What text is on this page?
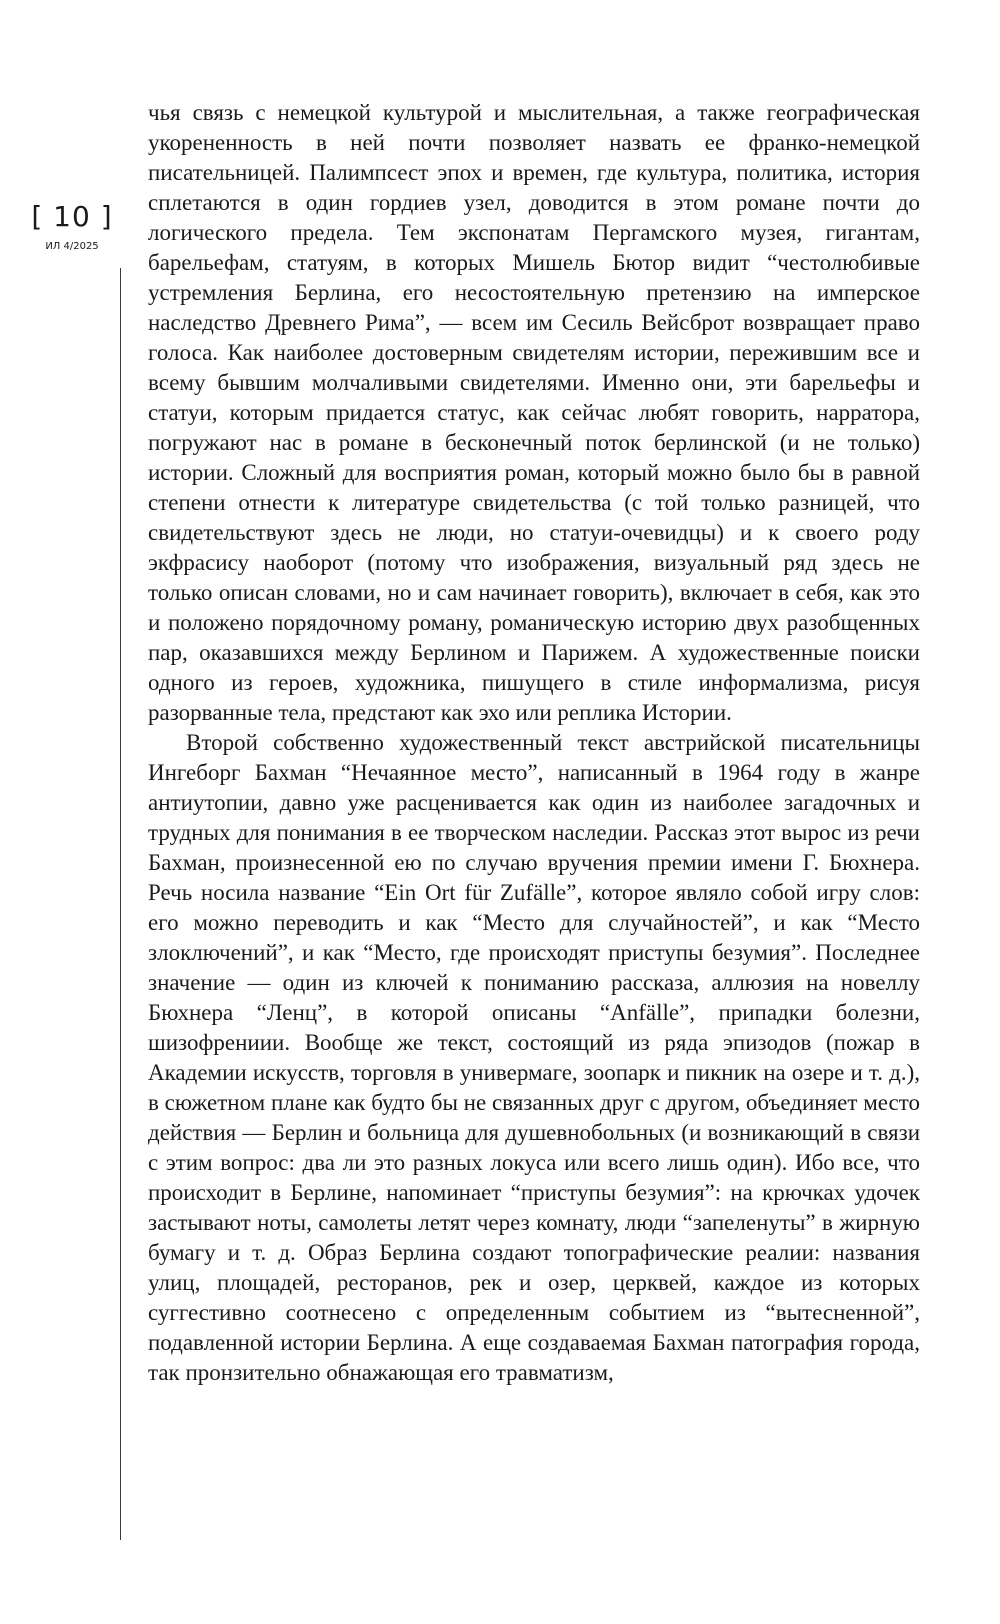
[ 10 ]
ИЛ 4/2025

чья связь с немецкой культурой и мыслительная, а также географическая укорененность в ней почти позволяет назвать ее франко-немецкой писательницей. Палимпсест эпох и времен, где культура, политика, история сплетаются в один гордиев узел, доводится в этом романе почти до логического предела. Тем экспонатам Пергамского музея, гигантам, барельефам, статуям, в которых Мишель Бютор видит “честолюбивые устремления Берлина, его несостоятельную претензию на имперское наследство Древнего Рима”, — всем им Сесиль Вейсброт возвращает право голоса. Как наиболее достоверным свидетелям истории, пережившим все и всему бывшим молчаливыми свидетелями. Именно они, эти барельефы и статуи, которым придается статус, как сейчас любят говорить, нарратора, погружают нас в романе в бесконечный поток берлинской (и не только) истории. Сложный для восприятия роман, который можно было бы в равной степени отнести к литературе свидетельства (с той только разницей, что свидетельствуют здесь не люди, но статуи-очевидцы) и к своего роду экфрасису наоборот (потому что изображения, визуальный ряд здесь не только описан словами, но и сам начинает говорить), включает в себя, как это и положено порядочному роману, романическую историю двух разобщенных пар, оказавшихся между Берлином и Парижем. А художественные поиски одного из героев, художника, пишущего в стиле информализма, рисуя разорванные тела, предстают как эхо или реплика Истории.

Второй собственно художественный текст австрийской писательницы Ингеборг Бахман “Нечаянное место”, написанный в 1964 году в жанре антиутопии, давно уже расценивается как один из наиболее загадочных и трудных для понимания в ее творческом наследии. Рассказ этот вырос из речи Бахман, произнесенной ею по случаю вручения премии имени Г. Бюхнера. Речь носила название “Ein Ort für Zufälle”, которое являло собой игру слов: его можно переводить и как “Место для случайностей”, и как “Место злоключений”, и как “Место, где происходят приступы безумия”. Последнее значение — один из ключей к пониманию рассказа, аллюзия на новеллу Бюхнера “Ленц”, в которой описаны “Anfälle”, припадки болезни, шизофрениии. Вообще же текст, состоящий из ряда эпизодов (пожар в Академии искусств, торговля в универмаге, зоопарк и пикник на озере и т. д.), в сюжетном плане как будто бы не связанных друг с другом, объединяет место действия — Берлин и больница для душевнобольных (и возникающий в связи с этим вопрос: два ли это разных локуса или всего лишь один). Ибо все, что происходит в Берлине, напоминает “приступы безумия”: на крючках удочек застывают ноты, самолеты летят через комнату, люди “запеленуты” в жирную бумагу и т. д. Образ Берлина создают топографические реалии: названия улиц, площадей, ресторанов, рек и озер, церквей, каждое из которых суггестивно соотнесено с определенным событием из “вытесненной”, подавленной истории Берлина. А еще создаваемая Бахман патография города, так пронзительно обнажающая его травматизм,
